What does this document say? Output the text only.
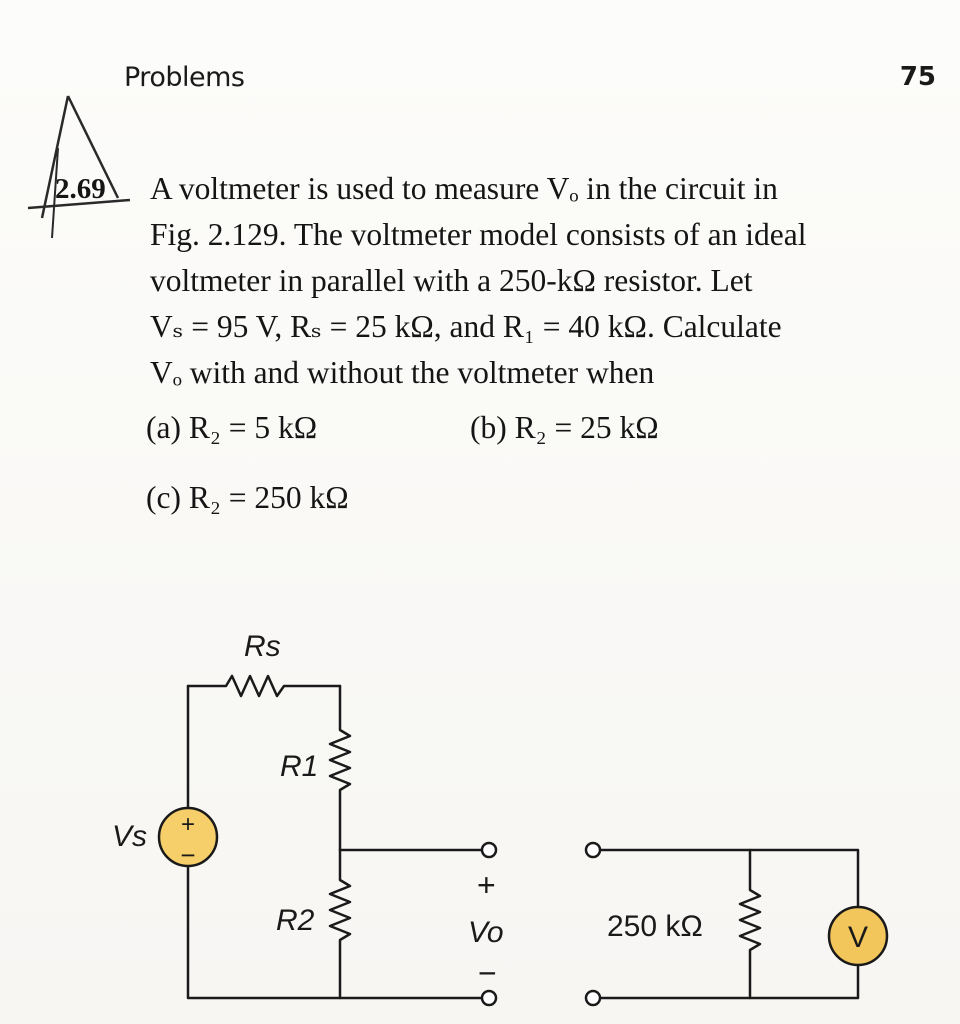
Problems	75
2.69 A voltmeter is used to measure Vₒ in the circuit in
Fig. 2.129. The voltmeter model consists of an ideal
voltmeter in parallel with a 250-kΩ resistor. Let
Vₛ = 95 V, Rₛ = 25 kΩ, and R₁ = 40 kΩ. Calculate
Vₒ with and without the voltmeter when
(a) R₂ = 5 kΩ	(b) R₂ = 25 kΩ
(c) R₂ = 250 kΩ
+
−
V
Rs
R1
R2
Vs
+
Vo
−
250 kΩ
